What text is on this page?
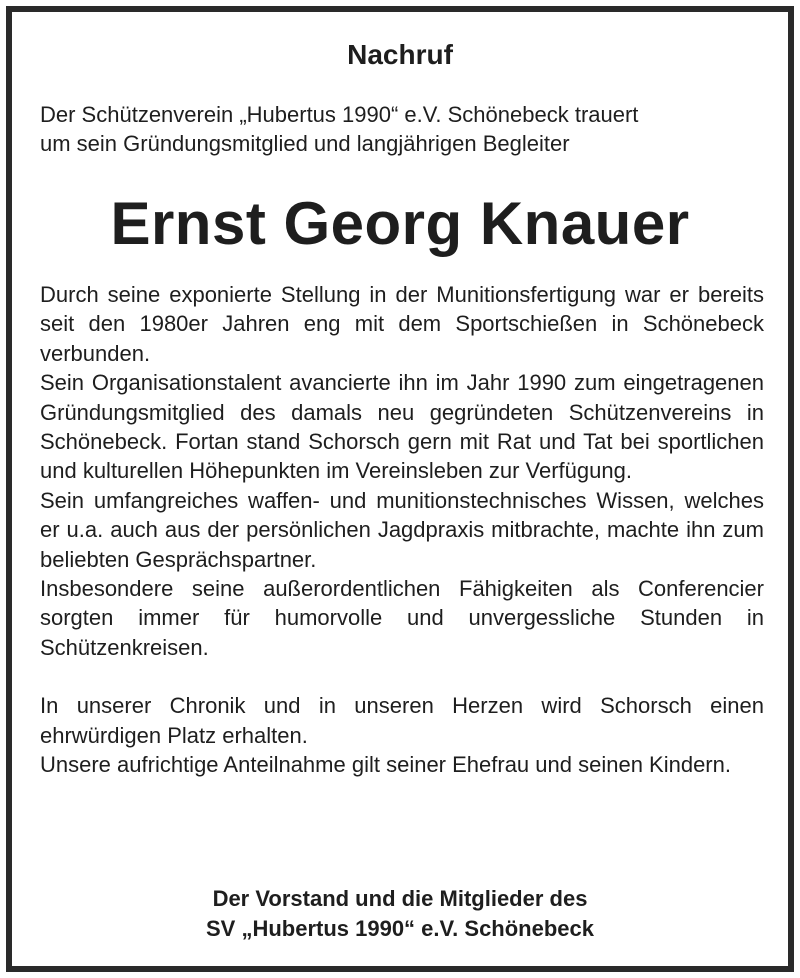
Nachruf

Der Schützenverein „Hubertus 1990“ e.V. Schönebeck trauert

um sein Gründungsmitglied und langjährigen Begleiter

Ernst Georg Knauer

Durch seine exponierte Stellung in der Munitionsfertigung war er bereits seit den 1980er Jahren eng mit dem Sportschießen in Schönebeck verbunden.

Sein Organisationstalent avancierte ihn im Jahr 1990 zum eingetragenen Gründungsmitglied des damals neu gegründeten Schützenvereins in Schönebeck. Fortan stand Schorsch gern mit Rat und Tat bei sportlichen und kulturellen Höhepunkten im Vereinsleben zur Verfügung.

Sein umfangreiches waffen- und munitionstechnisches Wissen, welches er u.a. auch aus der persönlichen Jagdpraxis mitbrachte, machte ihn zum beliebten Gesprächspartner.

Insbesondere seine außerordentlichen Fähigkeiten als Conferencier sorgten immer für humorvolle und unvergessliche Stunden in Schützenkreisen.

In unserer Chronik und in unseren Herzen wird Schorsch einen ehrwürdigen Platz erhalten.

Unsere aufrichtige Anteilnahme gilt seiner Ehefrau und seinen Kindern.

Der Vorstand und die Mitglieder des
SV „Hubertus 1990“ e.V. Schönebeck
